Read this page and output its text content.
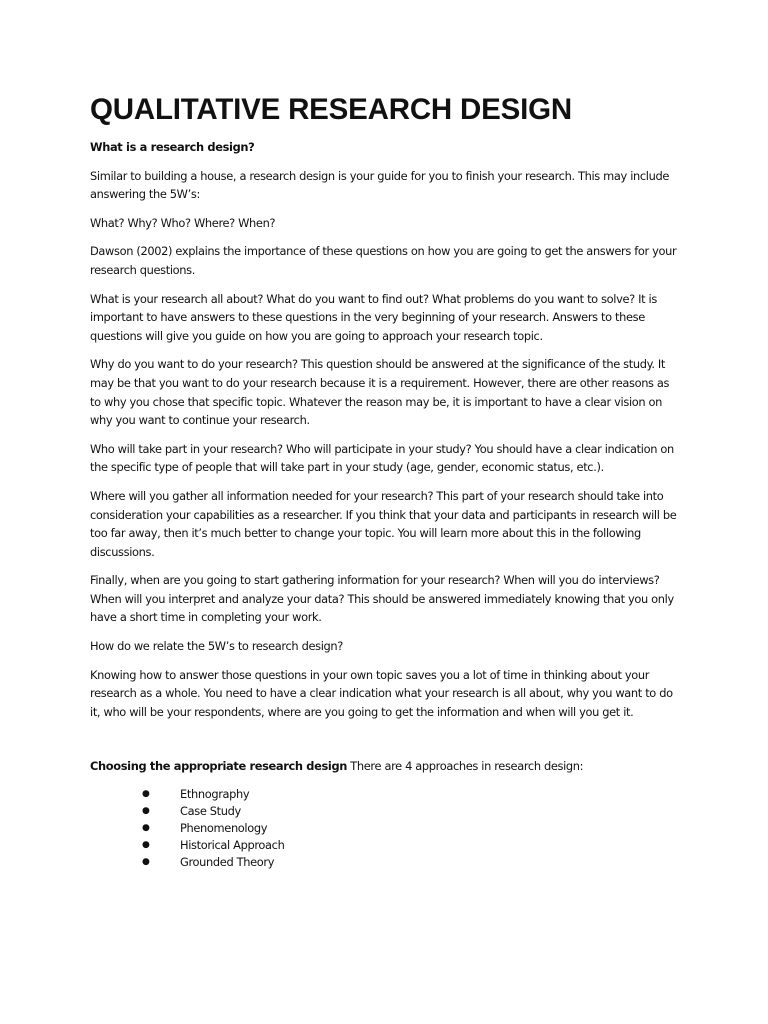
QUALITATIVE RESEARCH DESIGN

What is a research design?

Similar to building a house, a research design is your guide for you to finish your research. This may include answering the 5W’s:

What? Why? Who? Where? When?

Dawson (2002) explains the importance of these questions on how you are going to get the answers for your research questions.

What is your research all about? What do you want to find out? What problems do you want to solve? It is important to have answers to these questions in the very beginning of your research. Answers to these questions will give you guide on how you are going to approach your research topic.

Why do you want to do your research? This question should be answered at the significance of the study. It may be that you want to do your research because it is a requirement. However, there are other reasons as to why you chose that specific topic. Whatever the reason may be, it is important to have a clear vision on why you want to continue your research.

Who will take part in your research? Who will participate in your study? You should have a clear indication on the specific type of people that will take part in your study (age, gender, economic status, etc.).

Where will you gather all information needed for your research? This part of your research should take into consideration your capabilities as a researcher. If you think that your data and participants in research will be too far away, then it’s much better to change your topic. You will learn more about this in the following discussions.

Finally, when are you going to start gathering information for your research? When will you do interviews? When will you interpret and analyze your data? This should be answered immediately knowing that you only have a short time in completing your work.

How do we relate the 5W’s to research design?

Knowing how to answer those questions in your own topic saves you a lot of time in thinking about your research as a whole. You need to have a clear indication what your research is all about, why you want to do it, who will be your respondents, where are you going to get the information and when will you get it.

Choosing the appropriate research design There are 4 approaches in research design:

●	Ethnography
●	Case Study
●	Phenomenology
●	Historical Approach
●	Grounded Theory
